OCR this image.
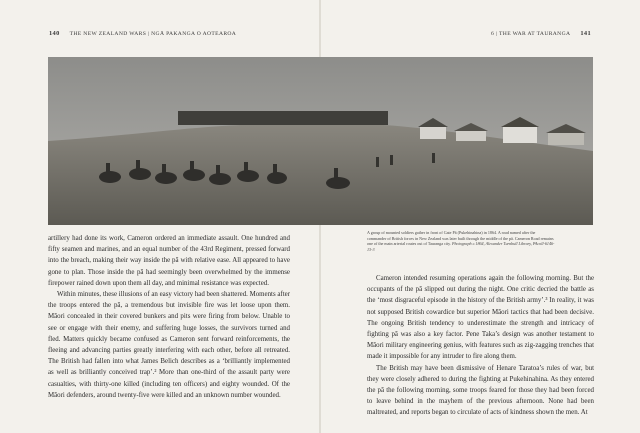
140 THE NEW ZEALAND WARS | NGĀ PAKANGA O AOTEAROA	6 | THE WAR AT TAURANGA 141
A group of mounted soldiers gather in front of Gate Pā (Pukehinahina) in 1864. A road named after the commander of British forces in New Zealand was later built through the middle of the pā. Cameron Road remains one of the main arterial routes out of Tauranga city. Photograph c.1864, Alexander Turnbull Library, PAcoll-6146-13-3

artillery had done its work, Cameron ordered an immediate assault. One hundred and fifty seamen and marines, and an equal number of the 43rd Regiment, pressed forward into the breach, making their way inside the pā with relative ease. All appeared to have gone to plan. Those inside the pā had seemingly been overwhelmed by the immense firepower rained down upon them all day, and minimal resistance was expected.

Within minutes, these illusions of an easy victory had been shattered. Moments after the troops entered the pā, a tremendous but invisible fire was let loose upon them. Māori concealed in their covered bunkers and pits were firing from below. Unable to see or engage with their enemy, and suffering huge losses, the survivors turned and fled. Matters quickly became confused as Cameron sent forward reinforcements, the fleeing and advancing parties greatly interfering with each other, before all retreated. The British had fallen into what James Belich describes as a ‘brilliantly implemented as well as brilliantly conceived trap’.² More than one-third of the assault party were casualties, with thirty-one killed (including ten officers) and eighty wounded. Of the Māori defenders, around twenty-five were killed and an unknown number wounded.

Cameron intended resuming operations again the following morning. But the occupants of the pā slipped out during the night. One critic decried the battle as the ‘most disgraceful episode in the history of the British army’.³ In reality, it was not supposed British cowardice but superior Māori tactics that had been decisive. The ongoing British tendency to underestimate the strength and intricacy of fighting pā was also a key factor. Pene Taka’s design was another testament to Māori military engineering genius, with features such as zig-zagging trenches that made it impossible for any intruder to fire along them.

The British may have been dismissive of Henare Taratoa’s rules of war, but they were closely adhered to during the fighting at Pukehinahina. As they entered the pā the following morning, some troops feared for those they had been forced to leave behind in the mayhem of the previous afternoon. None had been maltreated, and reports began to circulate of acts of kindness shown the men. At
